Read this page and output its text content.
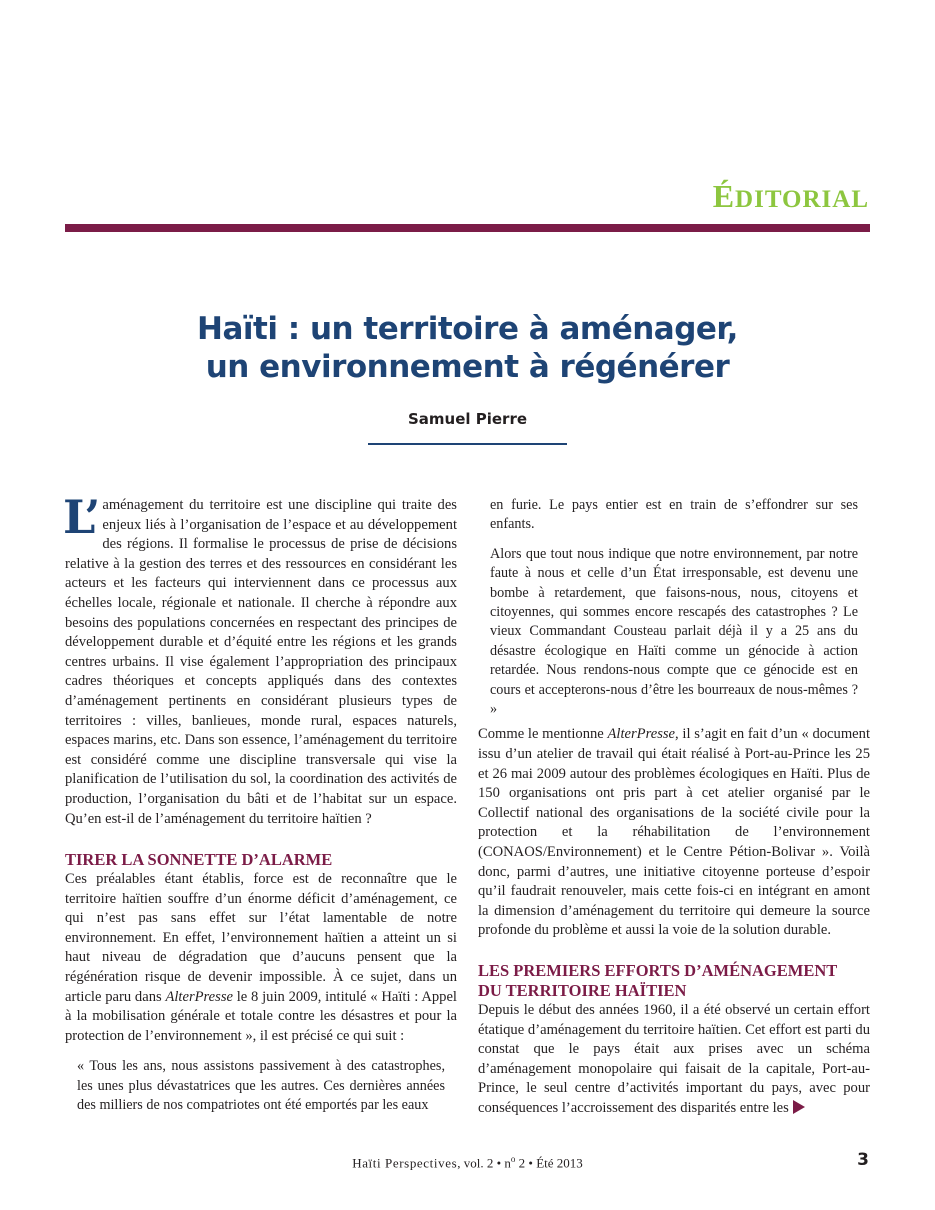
ÉDITORIAL
Haïti : un territoire à aménager,
un environnement à régénérer
Samuel Pierre

L’ aménagement du territoire est une discipline qui traite des enjeux liés à l’organisation de l’espace et au développement des régions. Il formalise le processus de prise de décisions relative à la gestion des terres et des ressources en considérant les acteurs et les facteurs qui interviennent dans ce processus aux échelles locale, régionale et nationale. Il cherche à répondre aux besoins des populations concernées en respectant des principes de développement durable et d’équité entre les régions et les grands centres urbains. Il vise également l’appropriation des principaux cadres théoriques et concepts appliqués dans des contextes d’aménagement pertinents en considérant plusieurs types de territoires : villes, banlieues, monde rural, espaces naturels, espaces marins, etc. Dans son essence, l’aménagement du territoire est considéré comme une discipline transversale qui vise la planification de l’utilisation du sol, la coordination des activités de production, l’organisation du bâti et de l’habitat sur un espace. Qu’en est-il de l’aménagement du territoire haïtien ?

TIRER LA SONNETTE D’ALARME

Ces préalables étant établis, force est de reconnaître que le territoire haïtien souffre d’un énorme déficit d’aménagement, ce qui n’est pas sans effet sur l’état lamentable de notre environnement. En effet, l’environnement haïtien a atteint un si haut niveau de dégradation que d’aucuns pensent que la régénération risque de devenir impossible. À ce sujet, dans un article paru dans AlterPresse le 8 juin 2009, intitulé « Haïti : Appel à la mobilisation générale et totale contre les désastres et pour la protection de l’environnement », il est précisé ce qui suit :

« Tous les ans, nous assistons passivement à des catastrophes, les unes plus dévastatrices que les autres. Ces dernières années des milliers de nos compatriotes ont été emportés par les eaux

en furie. Le pays entier est en train de s’effondrer sur ses enfants.

Alors que tout nous indique que notre environnement, par notre faute à nous et celle d’un État irresponsable, est devenu une bombe à retardement, que faisons-nous, nous, citoyens et citoyennes, qui sommes encore rescapés des catastrophes ? Le vieux Commandant Cousteau parlait déjà il y a 25 ans du désastre écologique en Haïti comme un génocide à action retardée. Nous rendons-nous compte que ce génocide est en cours et accepterons-nous d’être les bourreaux de nous-mêmes ? »

Comme le mentionne AlterPresse, il s’agit en fait d’un « document issu d’un atelier de travail qui était réalisé à Port-au-Prince les 25 et 26 mai 2009 autour des problèmes écologiques en Haïti. Plus de 150 organisations ont pris part à cet atelier organisé par le Collectif national des organisations de la société civile pour la protection et la réhabilitation de l’environnement (CONAOS/Environnement) et le Centre Pétion-Bolivar ». Voilà donc, parmi d’autres, une initiative citoyenne porteuse d’espoir qu’il faudrait renouveler, mais cette fois-ci en intégrant en amont la dimension d’aménagement du territoire qui demeure la source profonde du problème et aussi la voie de la solution durable.

LES PREMIERS EFFORTS D’AMÉNAGEMENT
DU TERRITOIRE HAÏTIEN

Depuis le début des années 1960, il a été observé un certain effort étatique d’aménagement du territoire haïtien. Cet effort est parti du constat que le pays était aux prises avec un schéma d’aménagement monopolaire qui faisait de la capitale, Port-au-Prince, le seul centre d’activités important du pays, avec pour conséquences l’accroissement des disparités entre les

Haïti Perspectives, vol. 2 • $n^o$ 2 • Été 2013	3
